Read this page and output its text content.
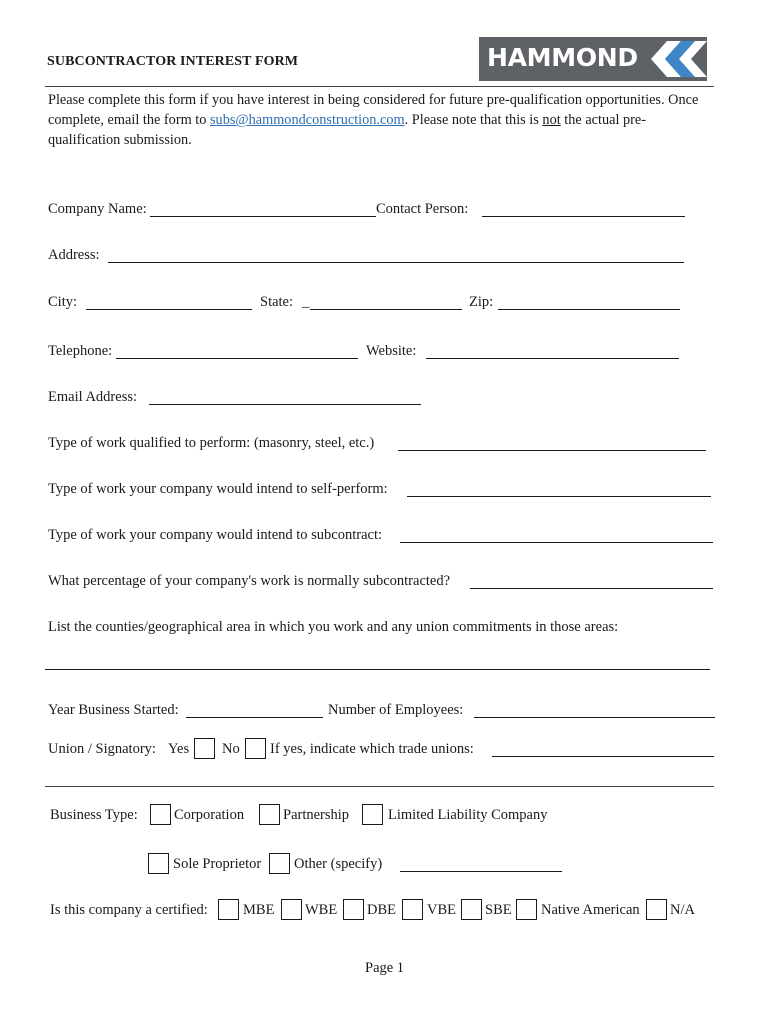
SUBCONTRACTOR INTEREST FORM	HAMMOND
Please complete this form if you have interest in being considered for future pre-qualification opportunities. Once complete, email the form to subs@hammondconstruction.com. Please note that this is not the actual pre-qualification submission.
Company Name:	Contact Person:
Address:
City:	State: _	Zip:
Telephone:	Website:
Email Address:
Type of work qualified to perform: (masonry, steel, etc.)
Type of work your company would intend to self-perform:
Type of work your company would intend to subcontract:
What percentage of your company's work is normally subcontracted?
List the counties/geographical area in which you work and any union commitments in those areas:
Year Business Started:	Number of Employees:
Union / Signatory: Yes No If yes, indicate which trade unions:
Business Type:	Corporation	Partnership	Limited Liability Company
Sole Proprietor Other (specify)
Is this company a certified: MBE WBE DBE VBE SBE Native American N/A
Page 1
